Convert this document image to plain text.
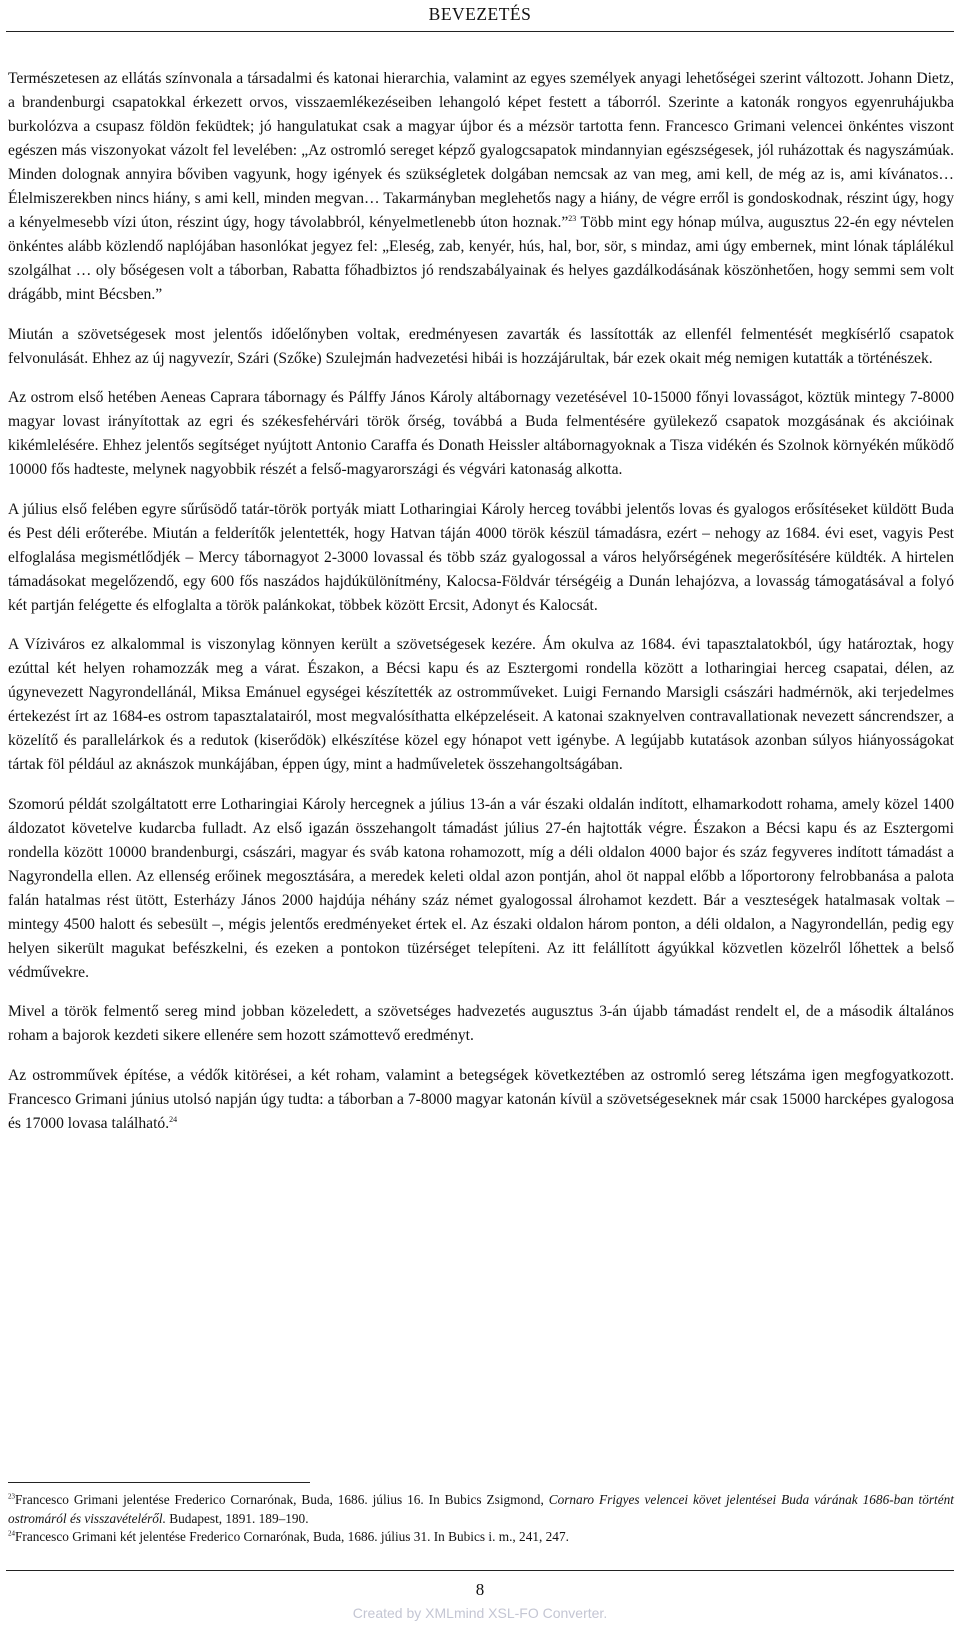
BEVEZETÉS

Természetesen az ellátás színvonala a társadalmi és katonai hierarchia, valamint az egyes személyek anyagi lehetőségei szerint változott. Johann Dietz, a brandenburgi csapatokkal érkezett orvos, visszaemlékezéseiben lehangoló képet festett a táborról. Szerinte a katonák rongyos egyenruhájukba burkolózva a csupasz földön feküdtek; jó hangulatukat csak a magyar újbor és a mézsör tartotta fenn. Francesco Grimani velencei önkéntes viszont egészen más viszonyokat vázolt fel levelében: „Az ostromló sereget képző gyalogcsapatok mindannyian egészségesek, jól ruházottak és nagyszámúak. Minden dolognak annyira bőviben vagyunk, hogy igények és szükségletek dolgában nemcsak az van meg, ami kell, de még az is, ami kívánatos… Élelmiszerekben nincs hiány, s ami kell, minden megvan… Takarmányban meglehetős nagy a hiány, de végre erről is gondoskodnak, részint úgy, hogy a kényelmesebb vízi úton, részint úgy, hogy távolabbról, kényelmetlenebb úton hoznak.”$^{23}$ Több mint egy hónap múlva, augusztus 22-én egy névtelen önkéntes alább közlendő naplójában hasonlókat jegyez fel: „Eleség, zab, kenyér, hús, hal, bor, sör, s mindaz, ami úgy embernek, mint lónak táplálékul szolgálhat … oly bőségesen volt a táborban, Rabatta főhadbiztos jó rendszabályainak és helyes gazdálkodásának köszönhetően, hogy semmi sem volt drágább, mint Bécsben.”

Miután a szövetségesek most jelentős időelőnyben voltak, eredményesen zavarták és lassították az ellenfél felmentését megkísérlő csapatok felvonulását. Ehhez az új nagyvezír, Szári (Szőke) Szulejmán hadvezetési hibái is hozzájárultak, bár ezek okait még nemigen kutatták a történészek.

Az ostrom első hetében Aeneas Caprara tábornagy és Pálffy János Károly altábornagy vezetésével 10-15000 főnyi lovasságot, köztük mintegy 7-8000 magyar lovast irányítottak az egri és székesfehérvári török őrség, továbbá a Buda felmentésére gyülekező csapatok mozgásának és akcióinak kikémlelésére. Ehhez jelentős segítséget nyújtott Antonio Caraffa és Donath Heissler altábornagyoknak a Tisza vidékén és Szolnok környékén működő 10000 fős hadteste, melynek nagyobbik részét a felső-magyarországi és végvári katonaság alkotta.

A július első felében egyre sűrűsödő tatár-török portyák miatt Lotharingiai Károly herceg további jelentős lovas és gyalogos erősítéseket küldött Buda és Pest déli erőterébe. Miután a felderítők jelentették, hogy Hatvan táján 4000 török készül támadásra, ezért – nehogy az 1684. évi eset, vagyis Pest elfoglalása megismétlődjék – Mercy tábornagyot 2-3000 lovassal és több száz gyalogossal a város helyőrségének megerősítésére küldték. A hirtelen támadásokat megelőzendő, egy 600 fős naszádos hajdúkülönítmény, Kalocsa-Földvár térségéig a Dunán lehajózva, a lovasság támogatásával a folyó két partján felégette és elfoglalta a török palánkokat, többek között Ercsit, Adonyt és Kalocsát.

A Víziváros ez alkalommal is viszonylag könnyen került a szövetségesek kezére. Ám okulva az 1684. évi tapasztalatokból, úgy határoztak, hogy ezúttal két helyen rohamozzák meg a várat. Északon, a Bécsi kapu és az Esztergomi rondella között a lotharingiai herceg csapatai, délen, az úgynevezett Nagyrondellánál, Miksa Emánuel egységei készítették az ostromműveket. Luigi Fernando Marsigli császári hadmérnök, aki terjedelmes értekezést írt az 1684-es ostrom tapasztalatairól, most megvalósíthatta elképzeléseit. A katonai szaknyelven contravallationak nevezett sáncrendszer, a közelítő és parallelárkok és a redutok (kiserődök) elkészítése közel egy hónapot vett igénybe. A legújabb kutatások azonban súlyos hiányosságokat tártak föl például az aknászok munkájában, éppen úgy, mint a hadműveletek összehangoltságában.

Szomorú példát szolgáltatott erre Lotharingiai Károly hercegnek a július 13-án a vár északi oldalán indított, elhamarkodott rohama, amely közel 1400 áldozatot követelve kudarcba fulladt. Az első igazán összehangolt támadást július 27-én hajtották végre. Északon a Bécsi kapu és az Esztergomi rondella között 10000 brandenburgi, császári, magyar és sváb katona rohamozott, míg a déli oldalon 4000 bajor és száz fegyveres indított támadást a Nagyrondella ellen. Az ellenség erőinek megosztására, a meredek keleti oldal azon pontján, ahol öt nappal előbb a lőportorony felrobbanása a palota falán hatalmas rést ütött, Esterházy János 2000 hajdúja néhány száz német gyalogossal álrohamot kezdett. Bár a veszteségek hatalmasak voltak – mintegy 4500 halott és sebesült –, mégis jelentős eredményeket értek el. Az északi oldalon három ponton, a déli oldalon, a Nagyrondellán, pedig egy helyen sikerült magukat befészkelni, és ezeken a pontokon tüzérséget telepíteni. Az itt felállított ágyúkkal közvetlen közelről lőhettek a belső védművekre.

Mivel a török felmentő sereg mind jobban közeledett, a szövetséges hadvezetés augusztus 3-án újabb támadást rendelt el, de a második általános roham a bajorok kezdeti sikere ellenére sem hozott számottevő eredményt.

Az ostromművek építése, a védők kitörései, a két roham, valamint a betegségek következtében az ostromló sereg létszáma igen megfogyatkozott. Francesco Grimani június utolsó napján úgy tudta: a táborban a 7-8000 magyar katonán kívül a szövetségeseknek már csak 15000 harcképes gyalogosa és 17000 lovasa található.$^{24}$

$^{23}$Francesco Grimani jelentése Frederico Cornarónak, Buda, 1686. július 16. In Bubics Zsigmond, Cornaro Frigyes velencei követ jelentései Buda várának 1686-ban történt ostromáról és visszavételéről. Budapest, 1891. 189–190.

$^{24}$Francesco Grimani két jelentése Frederico Cornarónak, Buda, 1686. július 31. In Bubics i. m., 241, 247.

8
Created by XMLmind XSL-FO Converter.
